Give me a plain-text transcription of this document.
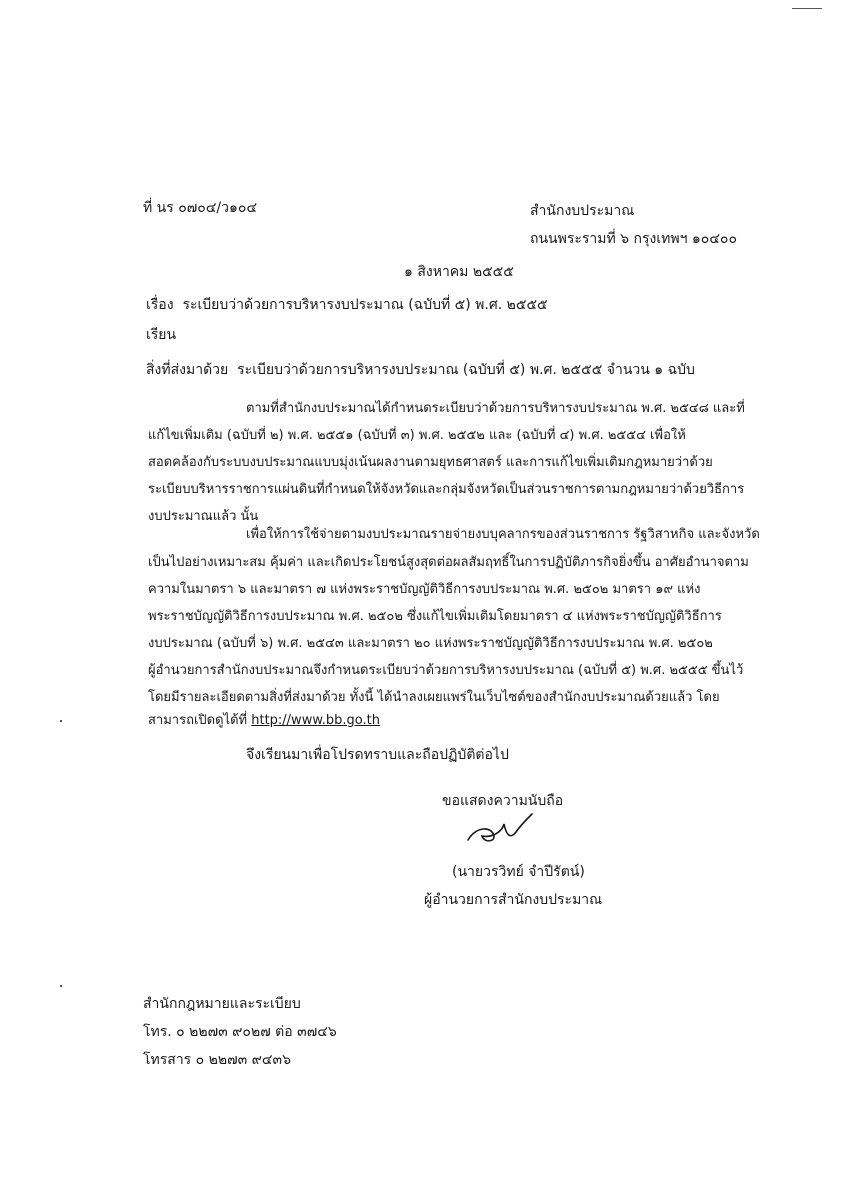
ที่ นร ๐๗๐๔/ว๑๐๔	สำนักงบประมาณ
ถนนพระรามที่ ๖ กรุงเทพฯ ๑๐๔๐๐
๑ สิงหาคม ๒๕๕๕
เรื่อง ระเบียบว่าด้วยการบริหารงบประมาณ (ฉบับที่ ๕) พ.ศ. ๒๕๕๕
เรียน
สิ่งที่ส่งมาด้วย ระเบียบว่าด้วยการบริหารงบประมาณ (ฉบับที่ ๕) พ.ศ. ๒๕๕๕ จำนวน ๑ ฉบับ
ตามที่สำนักงบประมาณได้กำหนดระเบียบว่าด้วยการบริหารงบประมาณ พ.ศ. ๒๕๔๘ และที่
แก้ไขเพิ่มเติม (ฉบับที่ ๒) พ.ศ. ๒๕๕๑ (ฉบับที่ ๓) พ.ศ. ๒๕๕๒ และ (ฉบับที่ ๔) พ.ศ. ๒๕๕๔ เพื่อให้
สอดคล้องกับระบบงบประมาณแบบมุ่งเน้นผลงานตามยุทธศาสตร์ และการแก้ไขเพิ่มเติมกฎหมายว่าด้วย
ระเบียบบริหารราชการแผ่นดินที่กำหนดให้จังหวัดและกลุ่มจังหวัดเป็นส่วนราชการตามกฎหมายว่าด้วยวิธีการ
งบประมาณแล้ว นั้น
เพื่อให้การใช้จ่ายตามงบประมาณรายจ่ายงบบุคลากรของส่วนราชการ รัฐวิสาหกิจ และจังหวัด
เป็นไปอย่างเหมาะสม คุ้มค่า และเกิดประโยชน์สูงสุดต่อผลสัมฤทธิ์ในการปฏิบัติภารกิจยิ่งขึ้น อาศัยอำนาจตาม
ความในมาตรา ๖ และมาตรา ๗ แห่งพระราชบัญญัติวิธีการงบประมาณ พ.ศ. ๒๕๐๒ มาตรา ๑๙ แห่ง
พระราชบัญญัติวิธีการงบประมาณ พ.ศ. ๒๕๐๒ ซึ่งแก้ไขเพิ่มเติมโดยมาตรา ๔ แห่งพระราชบัญญัติวิธีการ
งบประมาณ (ฉบับที่ ๖) พ.ศ. ๒๕๔๓ และมาตรา ๒๐ แห่งพระราชบัญญัติวิธีการงบประมาณ พ.ศ. ๒๕๐๒
ผู้อำนวยการสำนักงบประมาณจึงกำหนดระเบียบว่าด้วยการบริหารงบประมาณ (ฉบับที่ ๕) พ.ศ. ๒๕๕๕ ขึ้นไว้
โดยมีรายละเอียดตามสิ่งที่ส่งมาด้วย ทั้งนี้ ได้นำลงเผยแพร่ในเว็บไซต์ของสำนักงบประมาณด้วยแล้ว โดย
สามารถเปิดดูได้ที่ http://www.bb.go.th
จึงเรียนมาเพื่อโปรดทราบและถือปฏิบัติต่อไป
ขอแสดงความนับถือ
(นายวรวิทย์ จำปีรัตน์)
ผู้อำนวยการสำนักงบประมาณ
สำนักกฎหมายและระเบียบ
โทร. ๐ ๒๒๗๓ ๙๐๒๗ ต่อ ๓๗๔๖
โทรสาร ๐ ๒๒๗๓ ๙๔๓๖
